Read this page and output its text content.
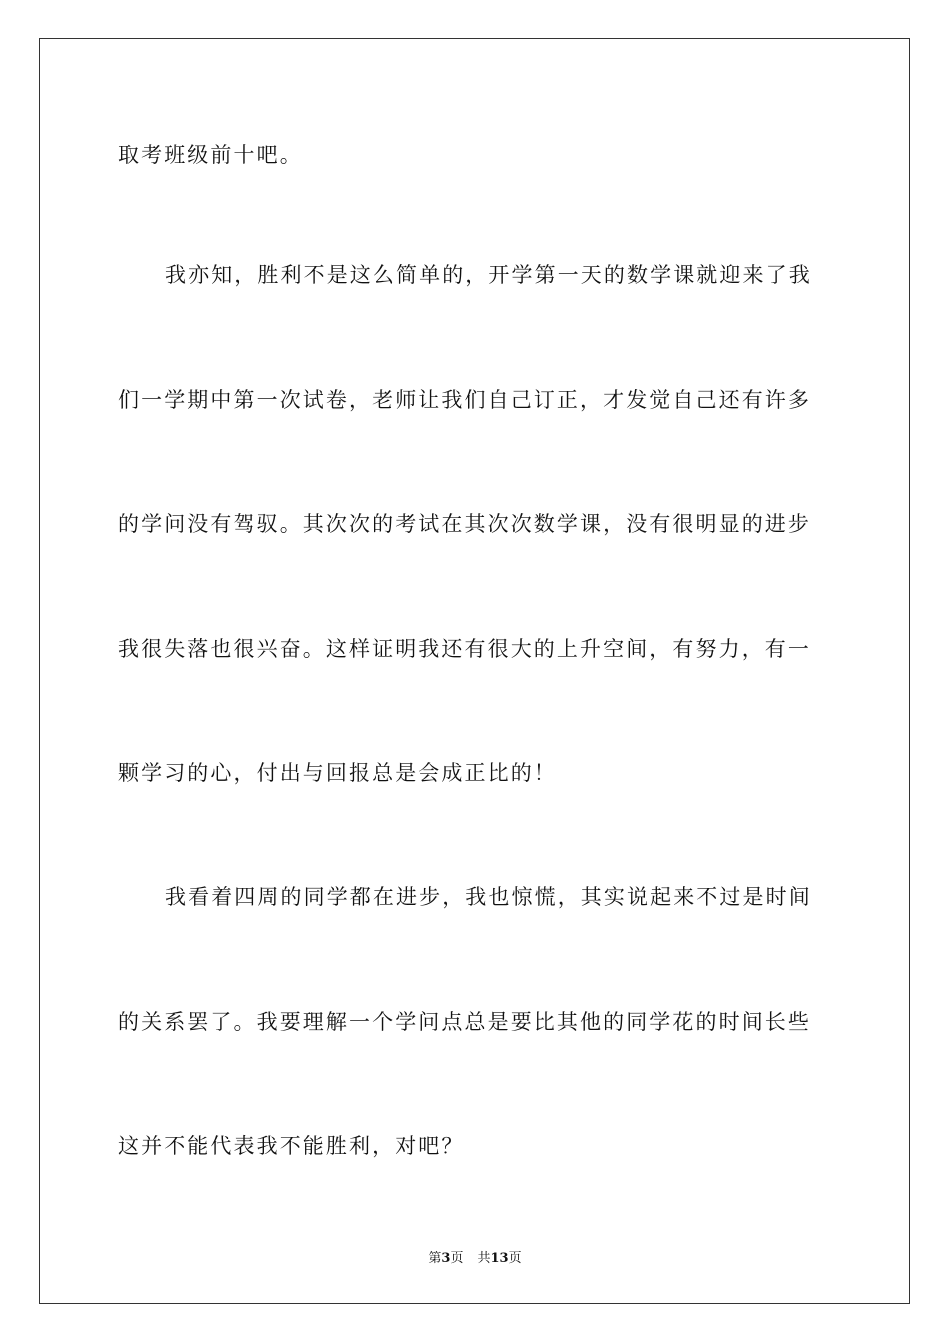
取考班级前十吧。
我亦知，胜利不是这么简单的，开学第一天的数学课就迎来了我
们一学期中第一次试卷，老师让我们自己订正，才发觉自己还有许多
的学问没有驾驭。其次次的考试在其次次数学课，没有很明显的进步
我很失落也很兴奋。这样证明我还有很大的上升空间，有努力，有一
颗学习的心，付出与回报总是会成正比的！
我看着四周的同学都在进步，我也惊慌，其实说起来不过是时间
的关系罢了。我要理解一个学问点总是要比其他的同学花的时间长些
这并不能代表我不能胜利，对吧？
第3页 共13页
